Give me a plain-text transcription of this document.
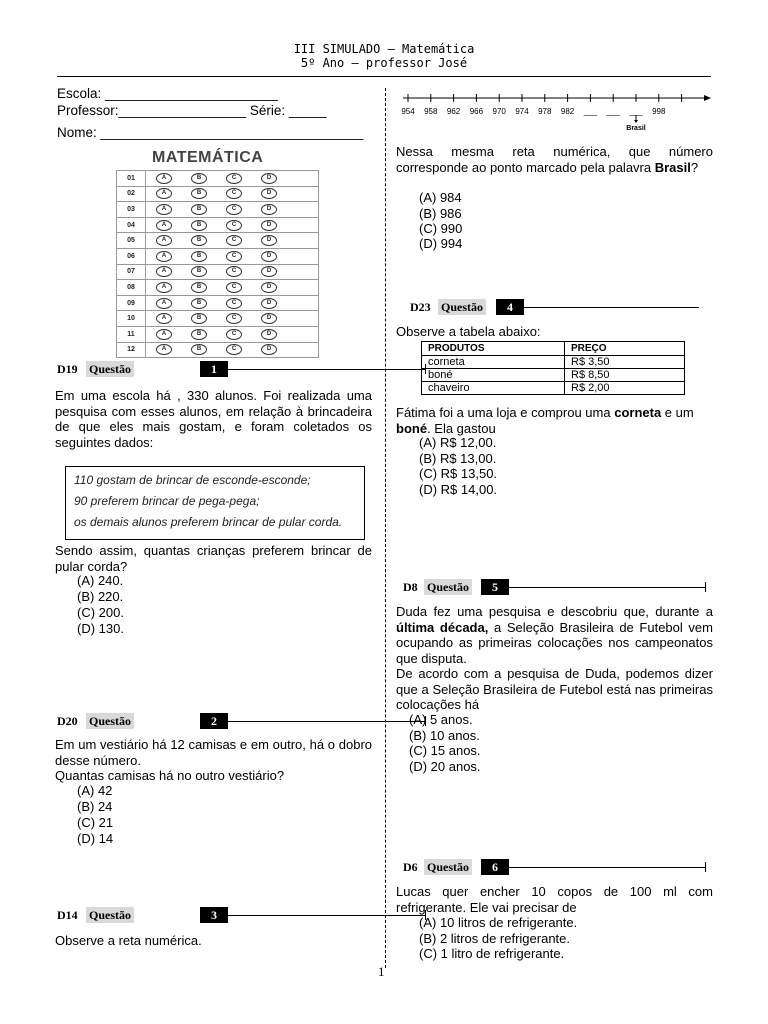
III SIMULADO – Matemática
5º Ano – professor José
Escola: _______________________
Professor:_________________ Série: _____
Nome: ___________________________________
MATEMÁTICA
01	A B C D
02	A B C D
03	A B C D
04	A B C D
05	A B C D
06	A B C D
07	A B C D
08	A B C D
09	A B C D
10	A B C D
11	A B C D
12	A B C D
D19 Questão	1
Em uma escola há , 330 alunos. Foi realizada uma pesquisa com esses alunos, em relação à brincadeira de que eles mais gostam, e foram coletados os seguintes dados:
110 gostam de brincar de esconde-esconde;
90 preferem brincar de pega-pega;
os demais alunos preferem brincar de pular corda.
Sendo assim, quantas crianças preferem brincar de pular corda?
(A) 240.
(B) 220.
(C) 200.
(D) 130.
D20 Questão	2
Em um vestiário há 12 camisas e em outro, há o dobro desse número.
Quantas camisas há no outro vestiário?
(A) 42
(B) 24
(C) 21
(D) 14
D14 Questão	3
Observe a reta numérica.
954 958 962 966 970 974 978 982 ___ ___ ___ 998
Brasil
Nessa mesma reta numérica, que número corresponde ao ponto marcado pela palavra Brasil?
(A) 984
(B) 986
(C) 990
(D) 994
D23 Questão	4
Observe a tabela abaixo:
PRODUTOS	PREÇO
corneta	R$ 3,50
boné	R$ 8,50
chaveiro	R$ 2,00
Fátima foi a uma loja e comprou uma corneta e um boné. Ela gastou
(A) R$ 12,00.
(B) R$ 13,00.
(C) R$ 13,50.
(D) R$ 14,00.
D8 Questão	5
Duda fez uma pesquisa e descobriu que, durante a última década, a Seleção Brasileira de Futebol vem ocupando as primeiras colocações nos campeonatos que disputa.
De acordo com a pesquisa de Duda, podemos dizer que a Seleção Brasileira de Futebol está nas primeiras colocações há
(A) 5 anos.
(B) 10 anos.
(C) 15 anos.
(D) 20 anos.
D6 Questão	6
Lucas quer encher 10 copos de 100 ml com refrigerante. Ele vai precisar de
(A) 10 litros de refrigerante.
(B) 2 litros de refrigerante.
(C) 1 litro de refrigerante.
1
